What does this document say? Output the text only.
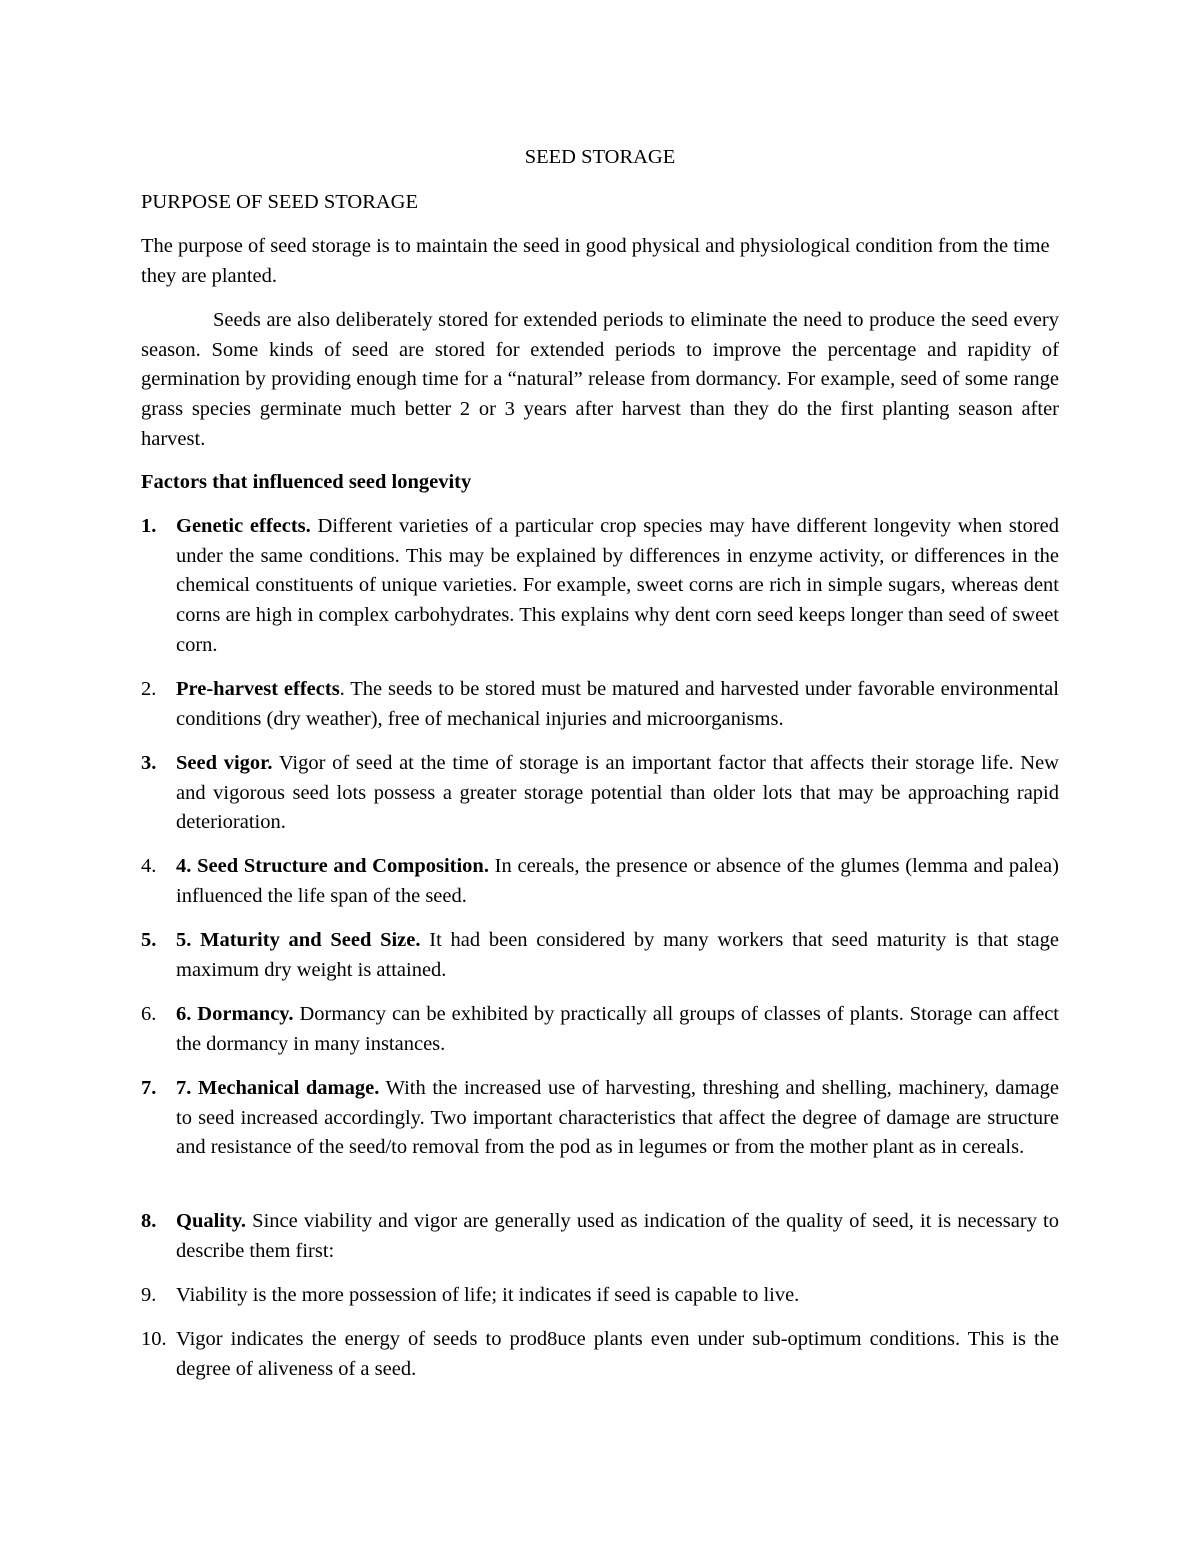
SEED STORAGE
PURPOSE OF SEED STORAGE

The purpose of seed storage is to maintain the seed in good physical and physiological condition from the time they are planted.

Seeds are also deliberately stored for extended periods to eliminate the need to produce the seed every season. Some kinds of seed are stored for extended periods to improve the percentage and rapidity of germination by providing enough time for a “natural” release from dormancy. For example, seed of some range grass species germinate much better 2 or 3 years after harvest than they do the first planting season after harvest.

Factors that influenced seed longevity

1. Genetic effects. Different varieties of a particular crop species may have different longevity when stored under the same conditions. This may be explained by differences in enzyme activity, or differences in the chemical constituents of unique varieties. For example, sweet corns are rich in simple sugars, whereas dent corns are high in complex carbohydrates. This explains why dent corn seed keeps longer than seed of sweet corn.
2. Pre-harvest effects. The seeds to be stored must be matured and harvested under favorable environmental conditions (dry weather), free of mechanical injuries and microorganisms.
3. Seed vigor. Vigor of seed at the time of storage is an important factor that affects their storage life. New and vigorous seed lots possess a greater storage potential than older lots that may be approaching rapid deterioration.
4. 4. Seed Structure and Composition. In cereals, the presence or absence of the glumes (lemma and palea) influenced the life span of the seed.
5. 5. Maturity and Seed Size. It had been considered by many workers that seed maturity is that stage maximum dry weight is attained.
6. 6. Dormancy. Dormancy can be exhibited by practically all groups of classes of plants. Storage can affect the dormancy in many instances.
7. 7. Mechanical damage. With the increased use of harvesting, threshing and shelling, machinery, damage to seed increased accordingly. Two important characteristics that affect the degree of damage are structure and resistance of the seed/to removal from the pod as in legumes or from the mother plant as in cereals.
8. Quality. Since viability and vigor are generally used as indication of the quality of seed, it is necessary to describe them first:
9. Viability is the more possession of life; it indicates if seed is capable to live.
10. Vigor indicates the energy of seeds to prod8uce plants even under sub-optimum conditions. This is the degree of aliveness of a seed.
